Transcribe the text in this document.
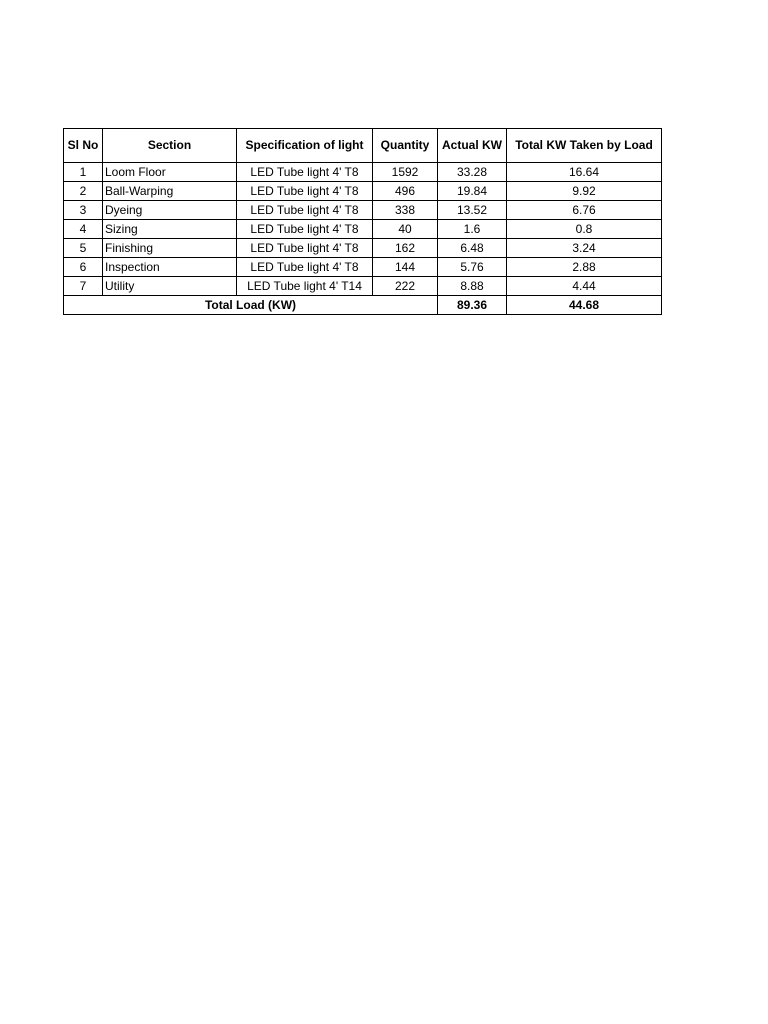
Sl No	Section	Specification of light	Quantity	Actual KW	Total KW Taken by Load
1	Loom Floor	LED Tube light 4' T8	1592	33.28	16.64
2	Ball-Warping	LED Tube light 4' T8	496	19.84	9.92
3	Dyeing	LED Tube light 4' T8	338	13.52	6.76
4	Sizing	LED Tube light 4' T8	40	1.6	0.8
5	Finishing	LED Tube light 4' T8	162	6.48	3.24
6	Inspection	LED Tube light 4' T8	144	5.76	2.88
7	Utility	LED Tube light 4' T14	222	8.88	4.44
Total Load (KW)				89.36	44.68
